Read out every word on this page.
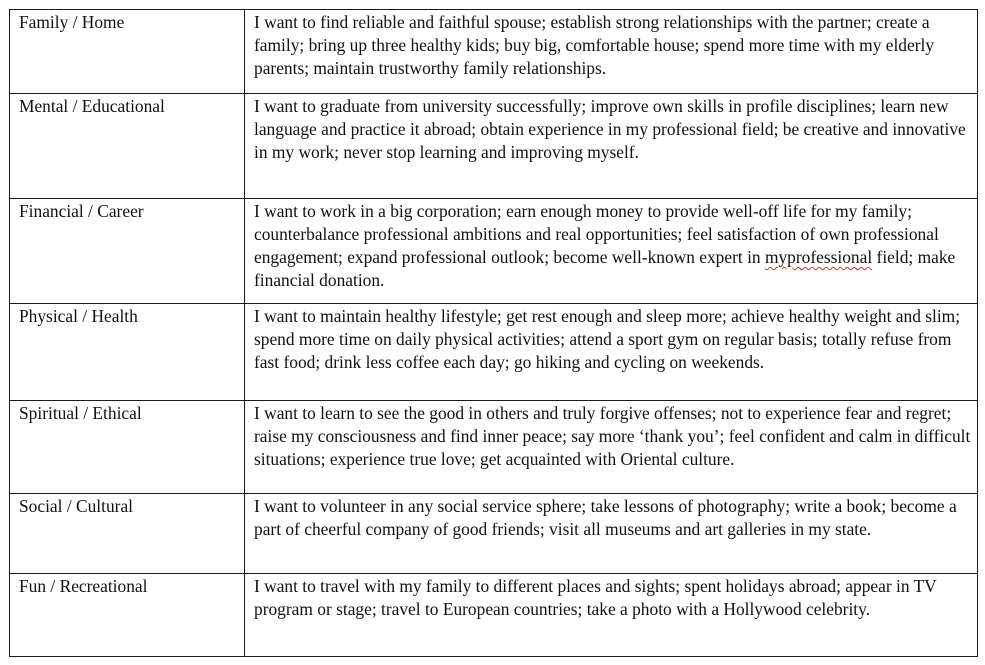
Family / Home	I want to find reliable and faithful spouse; establish strong relationships with the partner; create a family; bring up three healthy kids; buy big, comfortable house; spend more time with my elderly parents; maintain trustworthy family relationships.
Mental / Educational	I want to graduate from university successfully; improve own skills in profile disciplines; learn new language and practice it abroad; obtain experience in my professional field; be creative and innovative in my work; never stop learning and improving myself.
Financial / Career	I want to work in a big corporation; earn enough money to provide well-off life for my family; counterbalance professional ambitions and real opportunities; feel satisfaction of own professional engagement; expand professional outlook; become well-known expert in myprofessional field; make financial donation.
Physical / Health	I want to maintain healthy lifestyle; get rest enough and sleep more; achieve healthy weight and slim; spend more time on daily physical activities; attend a sport gym on regular basis; totally refuse from fast food; drink less coffee each day; go hiking and cycling on weekends.
Spiritual / Ethical	I want to learn to see the good in others and truly forgive offenses; not to experience fear and regret; raise my consciousness and find inner peace; say more ‘thank you’; feel confident and calm in difficult situations; experience true love; get acquainted with Oriental culture.
Social / Cultural	I want to volunteer in any social service sphere; take lessons of photography; write a book; become a part of cheerful company of good friends; visit all museums and art galleries in my state.
Fun / Recreational	I want to travel with my family to different places and sights; spent holidays abroad; appear in TV program or stage; travel to European countries; take a photo with a Hollywood celebrity.
